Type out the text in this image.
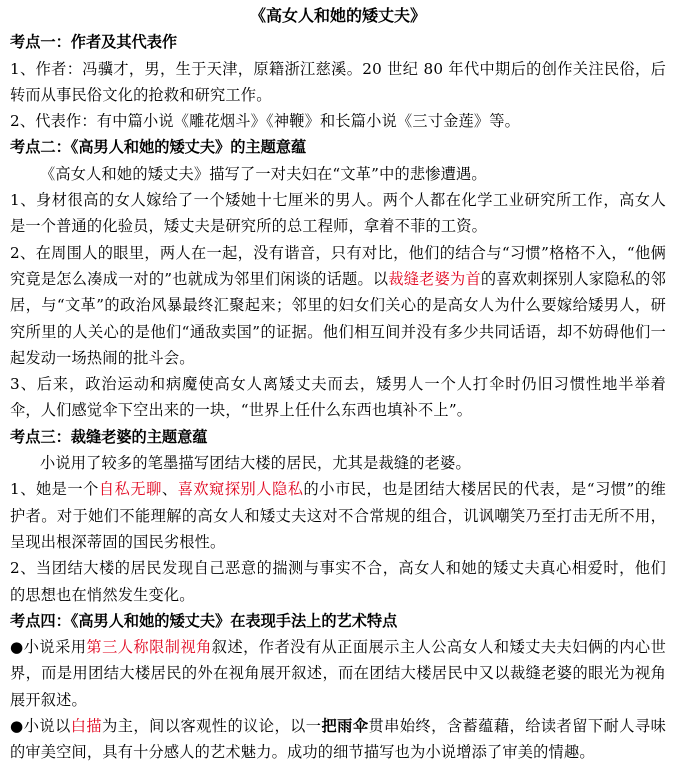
《高女人和她的矮丈夫》

考点一：作者及其代表作

1、作者：冯骥才，男，生于天津，原籍浙江慈溪。20 世纪 80 年代中期后的创作关注民俗，后转而从事民俗文化的抢救和研究工作。

2、代表作：有中篇小说《雕花烟斗》《神鞭》和长篇小说《三寸金莲》等。

考点二：《高男人和她的矮丈夫》的主题意蕴

《高女人和她的矮丈夫》描写了一对夫妇在“文革”中的悲惨遭遇。

1、身材很高的女人嫁给了一个矮她十七厘米的男人。两个人都在化学工业研究所工作，高女人是一个普通的化验员，矮丈夫是研究所的总工程师，拿着不菲的工资。

2、在周围人的眼里，两人在一起，没有谐音，只有对比，他们的结合与“习惯”格格不入，“他俩究竟是怎么凑成一对的”也就成为邻里们闲谈的话题。以裁缝老婆为首的喜欢刺探别人家隐私的邻居，与“文革”的政治风暴最终汇聚起来；邻里的妇女们关心的是高女人为什么要嫁给矮男人，研究所里的人关心的是他们“通敌卖国”的证据。他们相互间并没有多少共同话语，却不妨碍他们一起发动一场热闹的批斗会。

3、后来，政治运动和病魔使高女人离矮丈夫而去，矮男人一个人打伞时仍旧习惯性地半举着伞，人们感觉伞下空出来的一块，“世界上任什么东西也填补不上”。

考点三：裁缝老婆的主题意蕴

小说用了较多的笔墨描写团结大楼的居民，尤其是裁缝的老婆。

1、她是一个自私无聊、喜欢窥探别人隐私的小市民，也是团结大楼居民的代表，是“习惯”的维护者。对于她们不能理解的高女人和矮丈夫这对不合常规的组合，讥讽嘲笑乃至打击无所不用，呈现出根深蒂固的国民劣根性。

2、当团结大楼的居民发现自己恶意的揣测与事实不合，高女人和她的矮丈夫真心相爱时，他们的思想也在悄然发生变化。

考点四：《高男人和她的矮丈夫》在表现手法上的艺术特点

●小说采用第三人称限制视角叙述，作者没有从正面展示主人公高女人和矮丈夫夫妇俩的内心世界，而是用团结大楼居民的外在视角展开叙述，而在团结大楼居民中又以裁缝老婆的眼光为视角展开叙述。

●小说以白描为主，间以客观性的议论，以一把雨伞贯串始终，含蓄蕴藉，给读者留下耐人寻味的审美空间，具有十分感人的艺术魅力。成功的细节描写也为小说增添了审美的情趣。
